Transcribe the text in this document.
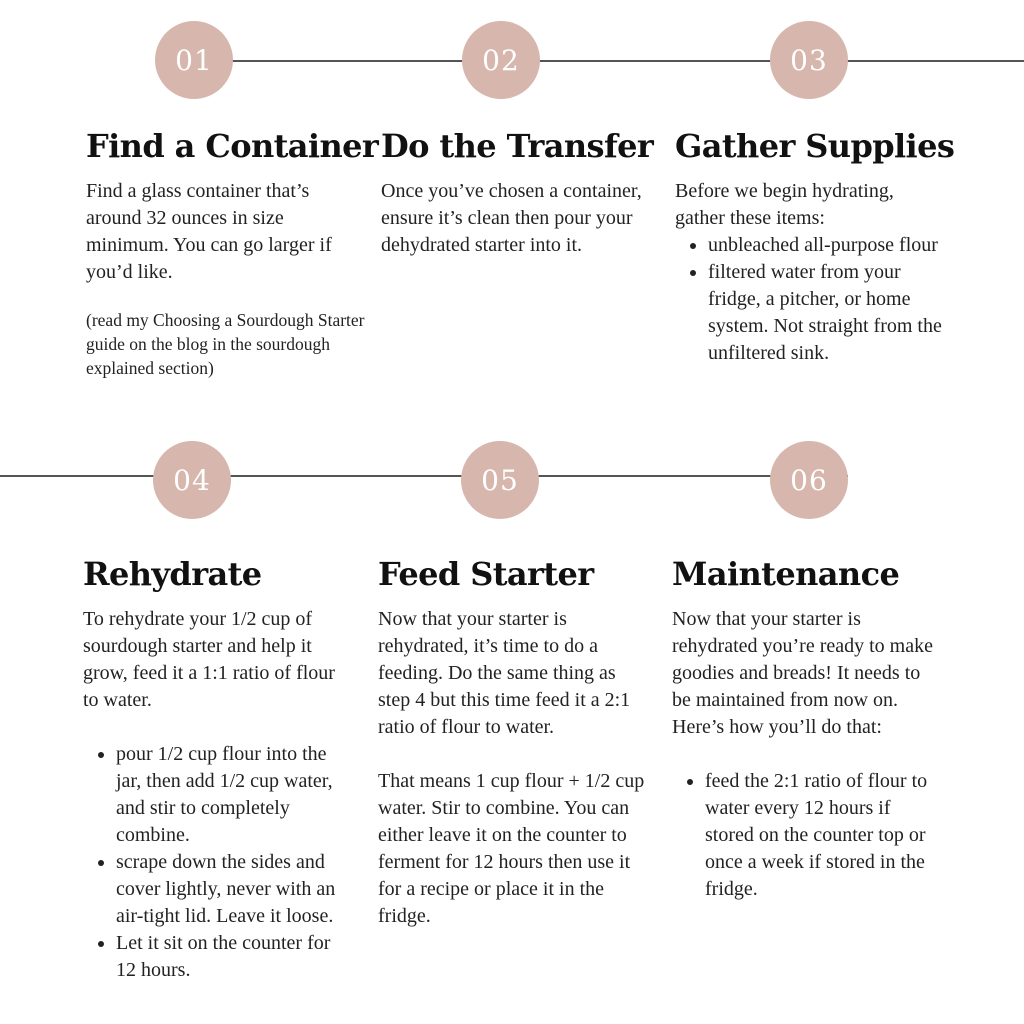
01	02	03
04	05	06
Find a Container

Find a glass container that’s around 32 ounces in size minimum. You can go larger if you’d like.

(read my Choosing a Sourdough Starter guide on the blog in the sourdough explained section)

Do the Transfer

Once you’ve chosen a container, ensure it’s clean then pour your dehydrated starter into it.

Gather Supplies

Before we begin hydrating, gather these items:

• unbleached all-purpose flour
• filtered water from your fridge, a pitcher, or home system. Not straight from the unfiltered sink.
Rehydrate

To rehydrate your 1/2 cup of sourdough starter and help it grow, feed it a 1:1 ratio of flour to water.

• pour 1/2 cup flour into the jar, then add 1/2 cup water, and stir to completely combine.
• scrape down the sides and cover lightly, never with an air-tight lid. Leave it loose.
• Let it sit on the counter for 12 hours.
Feed Starter

Now that your starter is rehydrated, it’s time to do a feeding. Do the same thing as step 4 but this time feed it a 2:1 ratio of flour to water.

That means 1 cup flour + 1/2 cup water. Stir to combine. You can either leave it on the counter to ferment for 12 hours then use it for a recipe or place it in the fridge.

Maintenance

Now that your starter is rehydrated you’re ready to make goodies and breads! It needs to be maintained from now on. Here’s how you’ll do that:

• feed the 2:1 ratio of flour to water every 12 hours if stored on the counter top or once a week if stored in the fridge.
